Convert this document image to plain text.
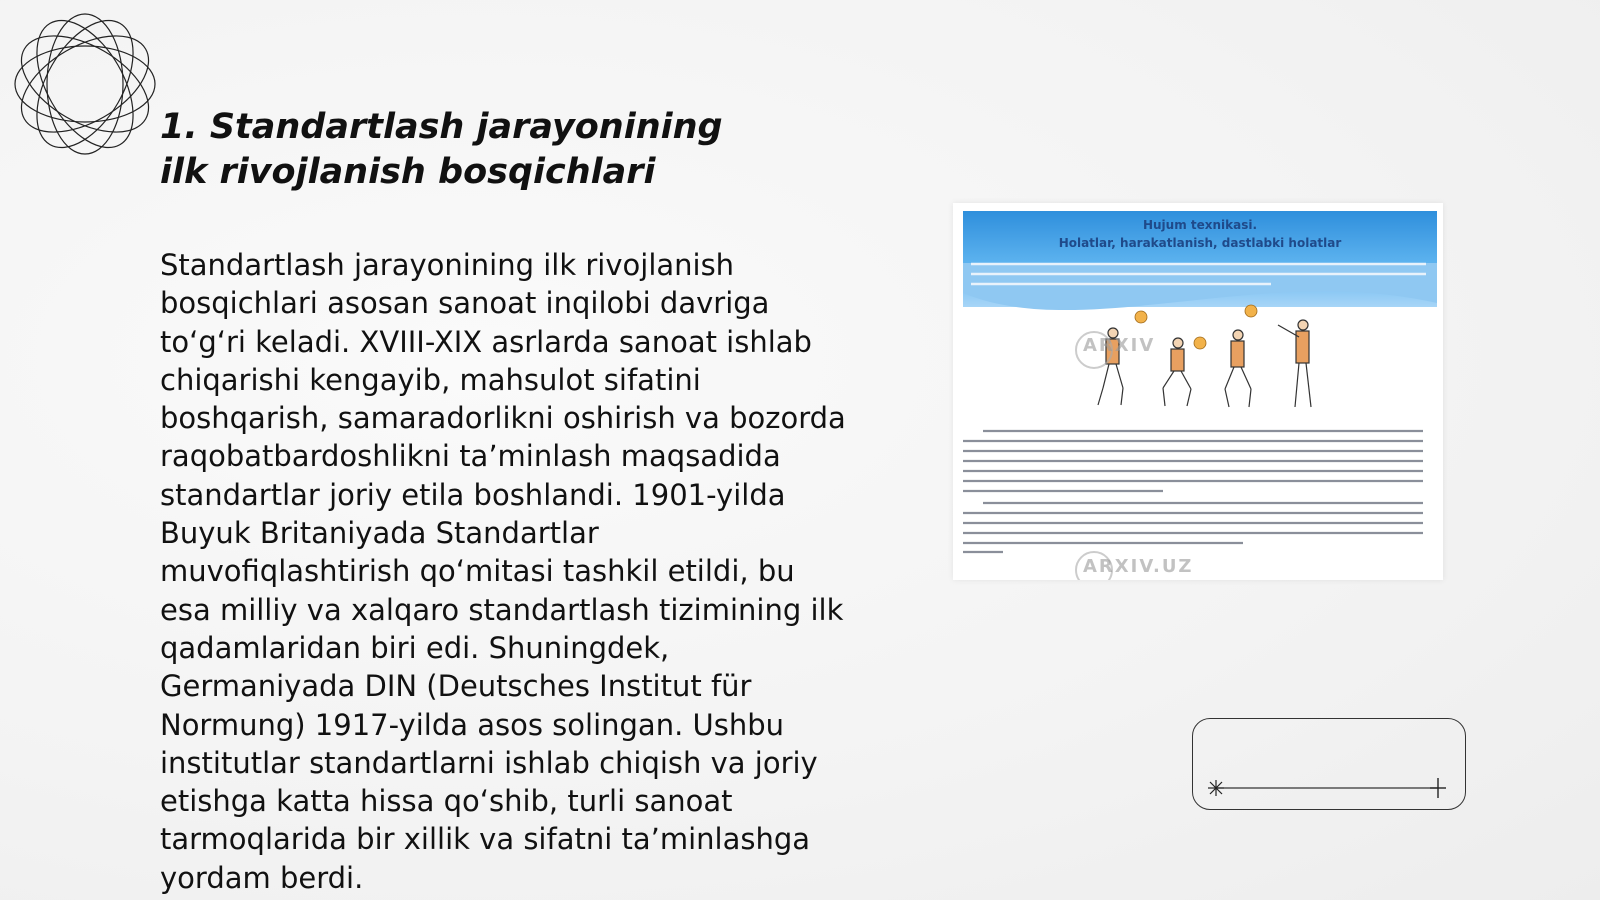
1. Standartlash jarayonining ilk rivojlanish bosqichlari

Standartlash jarayonining ilk rivojlanish bosqichlari asosan sanoat inqilobi davriga to‘g‘ri keladi. XVIII-XIX asrlarda sanoat ishlab chiqarishi kengayib, mahsulot sifatini boshqarish, samaradorlikni oshirish va bozorda raqobatbardoshlikni ta’minlash maqsadida standartlar joriy etila boshlandi. 1901-yilda Buyuk Britaniyada Standartlar muvofiqlashtirish qo‘mitasi tashkil etildi, bu esa milliy va xalqaro standartlash tizimining ilk qadamlaridan biri edi. Shuningdek, Germaniyada DIN (Deutsches Institut für Normung) 1917-yilda asos solingan. Ushbu institutlar standartlarni ishlab chiqish va joriy etishga katta hissa qo‘shib, turli sanoat tarmoqlarida bir xillik va sifatni ta’minlashga yordam berdi.

Hujum texnikasi.
Holatlar, harakatlanish, dastlabki holatlar
ARXIV
ARXIV.UZ
